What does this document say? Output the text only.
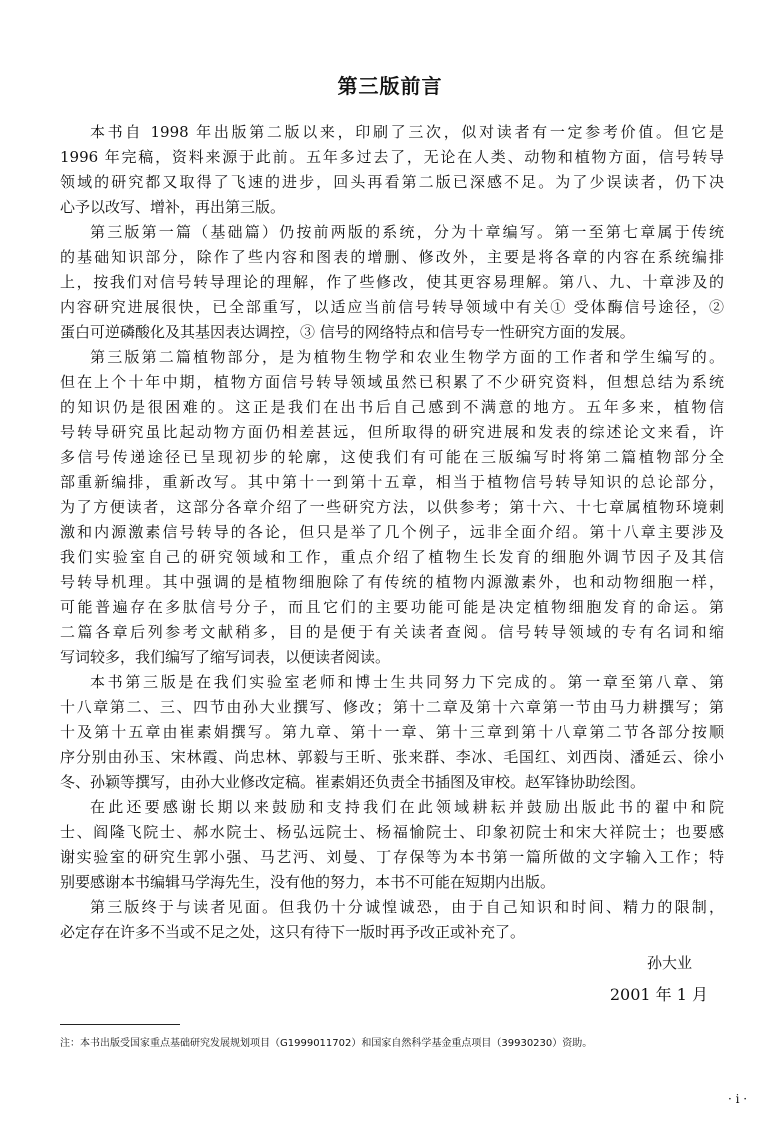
第三版前言
本书自 1998 年出版第二版以来，印刷了三次，似对读者有一定参考价值。但它是
1996 年完稿，资料来源于此前。五年多过去了，无论在人类、动物和植物方面，信号转导
领域的研究都又取得了飞速的进步，回头再看第二版已深感不足。为了少误读者，仍下决
心予以改写、增补，再出第三版。
第三版第一篇（基础篇）仍按前两版的系统，分为十章编写。第一至第七章属于传统
的基础知识部分，除作了些内容和图表的增删、修改外，主要是将各章的内容在系统编排
上，按我们对信号转导理论的理解，作了些修改，使其更容易理解。第八、九、十章涉及的
内容研究进展很快，已全部重写，以适应当前信号转导领域中有关① 受体酶信号途径，②
蛋白可逆磷酸化及其基因表达调控，③ 信号的网络特点和信号专一性研究方面的发展。
第三版第二篇植物部分，是为植物生物学和农业生物学方面的工作者和学生编写的。
但在上个十年中期，植物方面信号转导领域虽然已积累了不少研究资料，但想总结为系统
的知识仍是很困难的。这正是我们在出书后自己感到不满意的地方。五年多来，植物信
号转导研究虽比起动物方面仍相差甚远，但所取得的研究进展和发表的综述论文来看，许
多信号传递途径已呈现初步的轮廓，这使我们有可能在三版编写时将第二篇植物部分全
部重新编排，重新改写。其中第十一到第十五章，相当于植物信号转导知识的总论部分，
为了方便读者，这部分各章介绍了一些研究方法，以供参考；第十六、十七章属植物环境刺
激和内源激素信号转导的各论，但只是举了几个例子，远非全面介绍。第十八章主要涉及
我们实验室自己的研究领域和工作，重点介绍了植物生长发育的细胞外调节因子及其信
号转导机理。其中强调的是植物细胞除了有传统的植物内源激素外，也和动物细胞一样，
可能普遍存在多肽信号分子，而且它们的主要功能可能是决定植物细胞发育的命运。第
二篇各章后列参考文献稍多，目的是便于有关读者查阅。信号转导领域的专有名词和缩
写词较多，我们编写了缩写词表，以便读者阅读。
本书第三版是在我们实验室老师和博士生共同努力下完成的。第一章至第八章、第
十八章第二、三、四节由孙大业撰写、修改；第十二章及第十六章第一节由马力耕撰写；第
十及第十五章由崔素娟撰写。第九章、第十一章、第十三章到第十八章第二节各部分按顺
序分别由孙玉、宋林霞、尚忠林、郭毅与王昕、张来群、李冰、毛国红、刘西岗、潘延云、徐小
冬、孙颖等撰写，由孙大业修改定稿。崔素娟还负责全书插图及审校。赵军锋协助绘图。
在此还要感谢长期以来鼓励和支持我们在此领域耕耘并鼓励出版此书的翟中和院
士、阎隆飞院士、郝水院士、杨弘远院士、杨福愉院士、印象初院士和宋大祥院士；也要感
谢实验室的研究生郭小强、马艺沔、刘曼、丁存保等为本书第一篇所做的文字输入工作；特
别要感谢本书编辑马学海先生，没有他的努力，本书不可能在短期内出版。
第三版终于与读者见面。但我仍十分诚惶诚恐，由于自己知识和时间、精力的限制，
必定存在许多不当或不足之处，这只有待下一版时再予改正或补充了。
孙大业
2001 年 1 月
注：本书出版受国家重点基础研究发展规划项目（G1999011702）和国家自然科学基金重点项目（39930230）资助。
· i ·
